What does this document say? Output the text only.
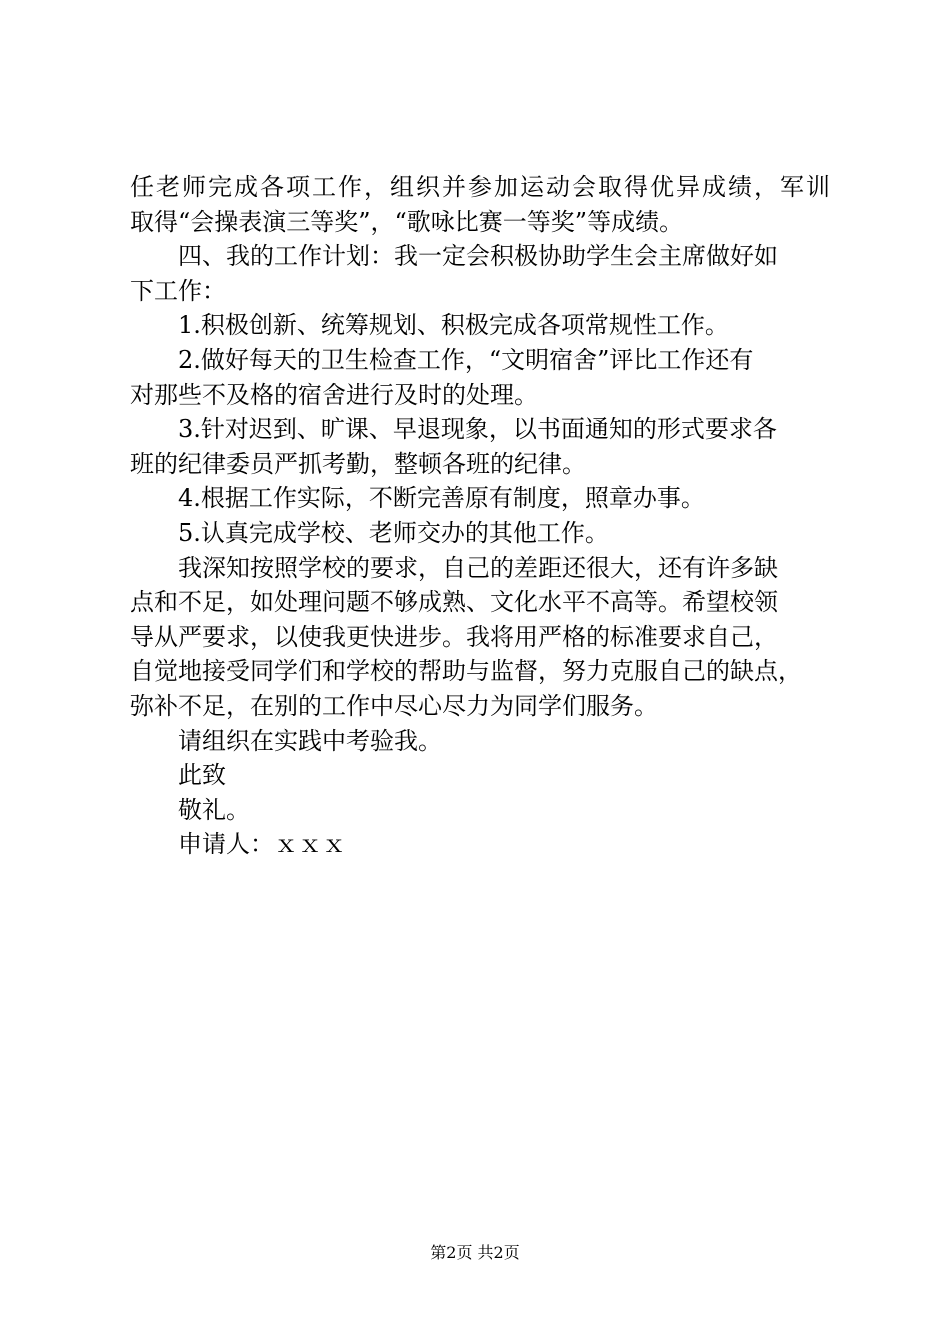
任老师完成各项工作，组织并参加运动会取得优异成绩，军训
取得“会操表演三等奖”，“歌咏比赛一等奖”等成绩。
四、我的工作计划：我一定会积极协助学生会主席做好如
下工作：
1.积极创新、统筹规划、积极完成各项常规性工作。
2.做好每天的卫生检查工作，“文明宿舍”评比工作还有
对那些不及格的宿舍进行及时的处理。
3.针对迟到、旷课、早退现象，以书面通知的形式要求各
班的纪律委员严抓考勤，整顿各班的纪律。
4.根据工作实际，不断完善原有制度，照章办事。
5.认真完成学校、老师交办的其他工作。
我深知按照学校的要求，自己的差距还很大，还有许多缺
点和不足，如处理问题不够成熟、文化水平不高等。希望校领
导从严要求，以使我更快进步。我将用严格的标准要求自己，
自觉地接受同学们和学校的帮助与监督，努力克服自己的缺点，
弥补不足，在别的工作中尽心尽力为同学们服务。
请组织在实践中考验我。
此致
敬礼。
申请人：ｘｘｘ
第2页 共2页
